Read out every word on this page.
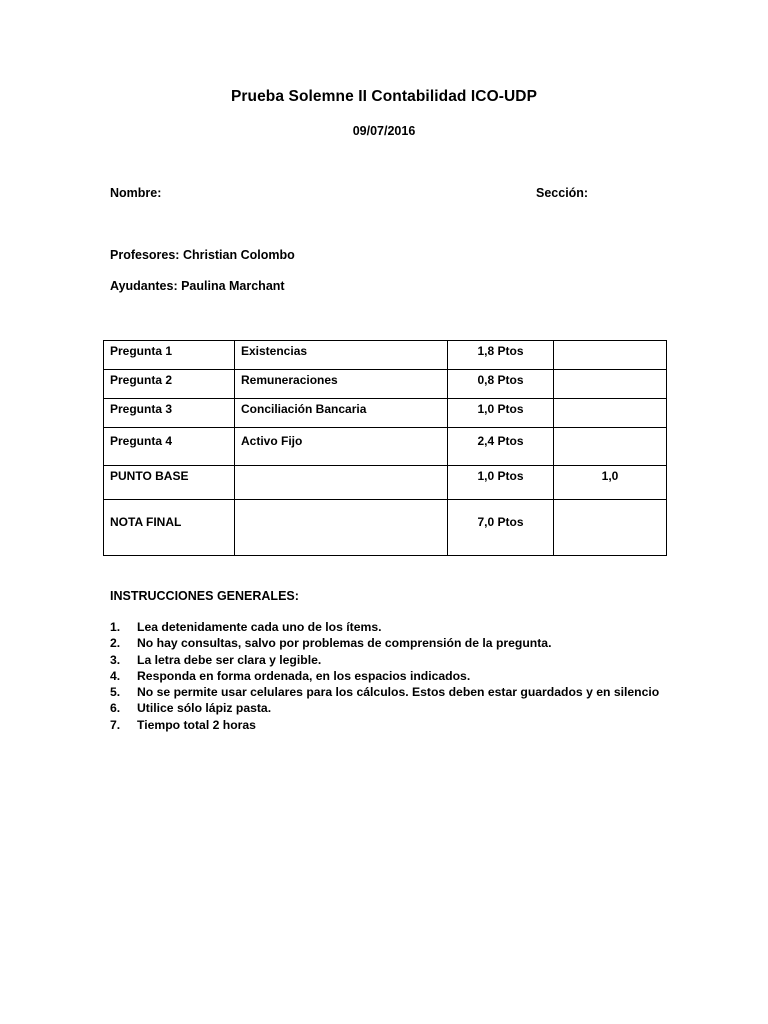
Prueba Solemne II Contabilidad ICO-UDP
09/07/2016
Nombre:	Sección:
Profesores: Christian Colombo
Ayudantes: Paulina Marchant
Pregunta 1	Existencias	1,8 Ptos	
Pregunta 2	Remuneraciones	0,8 Ptos	
Pregunta 3	Conciliación Bancaria	1,0 Ptos	
Pregunta 4	Activo Fijo	2,4 Ptos	
PUNTO BASE		1,0 Ptos	1,0
NOTA FINAL		7,0 Ptos	
INSTRUCCIONES GENERALES:
1. Lea detenidamente cada uno de los ítems.
2. No hay consultas, salvo por problemas de comprensión de la pregunta.
3. La letra debe ser clara y legible.
4. Responda en forma ordenada, en los espacios indicados.
5. No se permite usar celulares para los cálculos. Estos deben estar guardados y en silencio
6. Utilice sólo lápiz pasta.
7. Tiempo total 2 horas
